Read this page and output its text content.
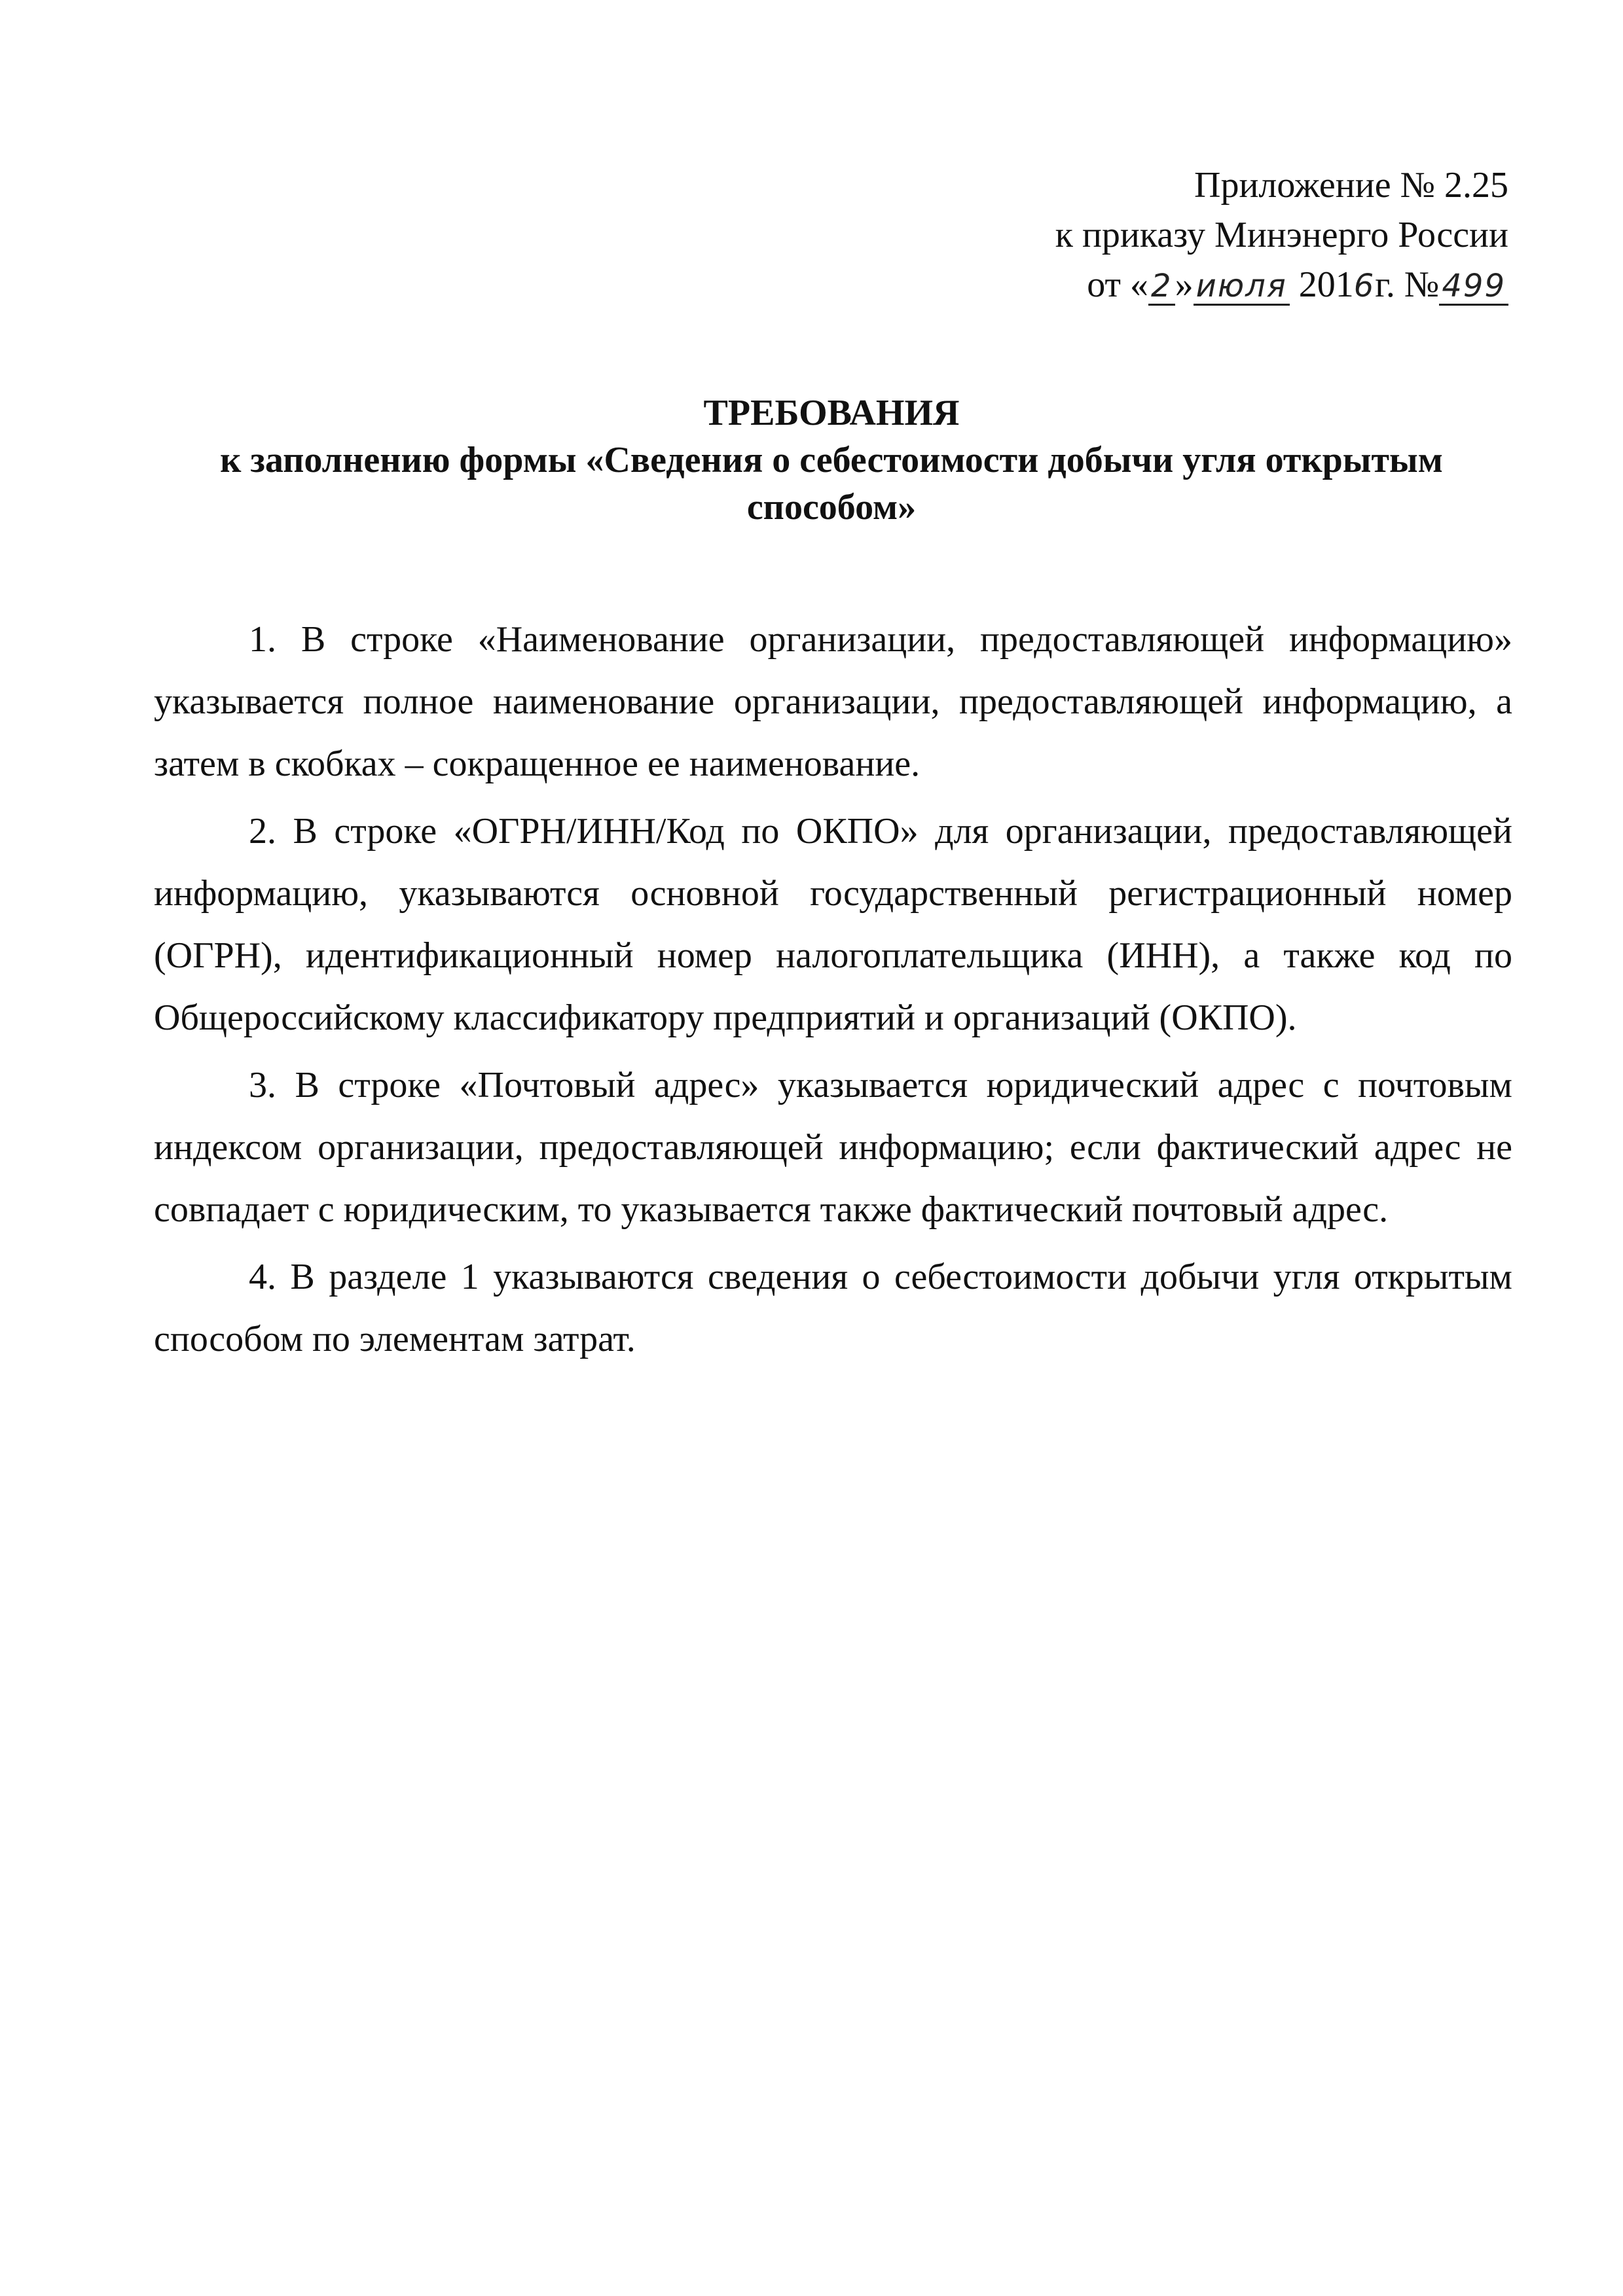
Приложение № 2.25
к приказу Минэнерго России
от «2»июля 2016г. №499
ТРЕБОВАНИЯ
к заполнению формы «Сведения о себестоимости добычи угля открытым
способом»

1. В строке «Наименование организации, предоставляющей информацию» указывается полное наименование организации, предоставляющей информацию, а затем в скобках – сокращенное ее наименование.

2. В строке «ОГРН/ИНН/Код по ОКПО» для организации, предоставляющей информацию, указываются основной государственный регистрационный номер (ОГРН), идентификационный номер налогоплательщика (ИНН), а также код по Общероссийскому классификатору предприятий и организаций (ОКПО).

3. В строке «Почтовый адрес» указывается юридический адрес с почтовым индексом организации, предоставляющей информацию; если фактический адрес не совпадает с юридическим, то указывается также фактический почтовый адрес.

4. В разделе 1 указываются сведения о себестоимости добычи угля открытым способом по элементам затрат.
